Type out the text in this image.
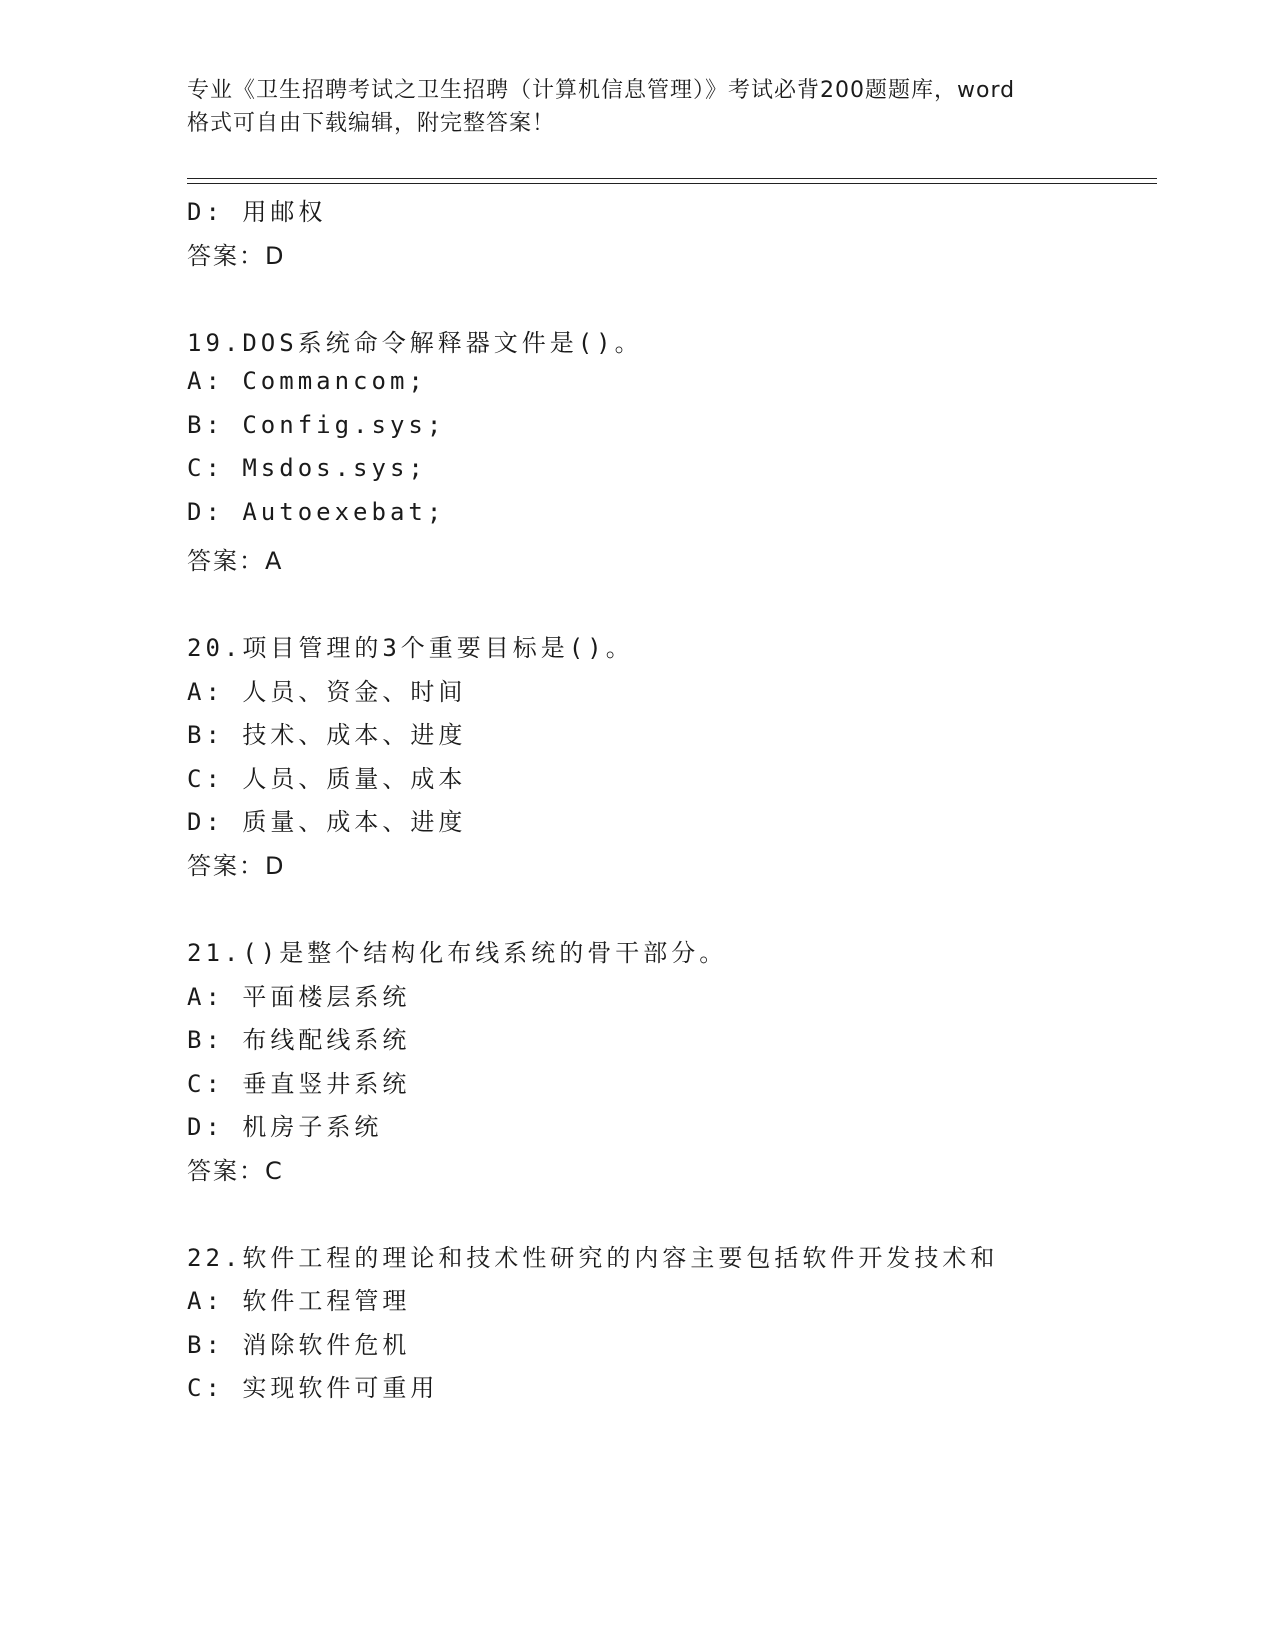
专业《卫生招聘考试之卫生招聘（计算机信息管理）》考试必背200题题库，word
格式可自由下载编辑，附完整答案！
D: 用邮权
答案：D
19.DOS系统命令解释器文件是()。
A: Commancom;
B: Config.sys;
C: Msdos.sys;
D: Autoexebat;
答案：A
20.项目管理的3个重要目标是()。
A: 人员、资金、时间
B: 技术、成本、进度
C: 人员、质量、成本
D: 质量、成本、进度
答案：D
21.()是整个结构化布线系统的骨干部分。
A: 平面楼层系统
B: 布线配线系统
C: 垂直竖井系统
D: 机房子系统
答案：C
22.软件工程的理论和技术性研究的内容主要包括软件开发技术和
A: 软件工程管理
B: 消除软件危机
C: 实现软件可重用
